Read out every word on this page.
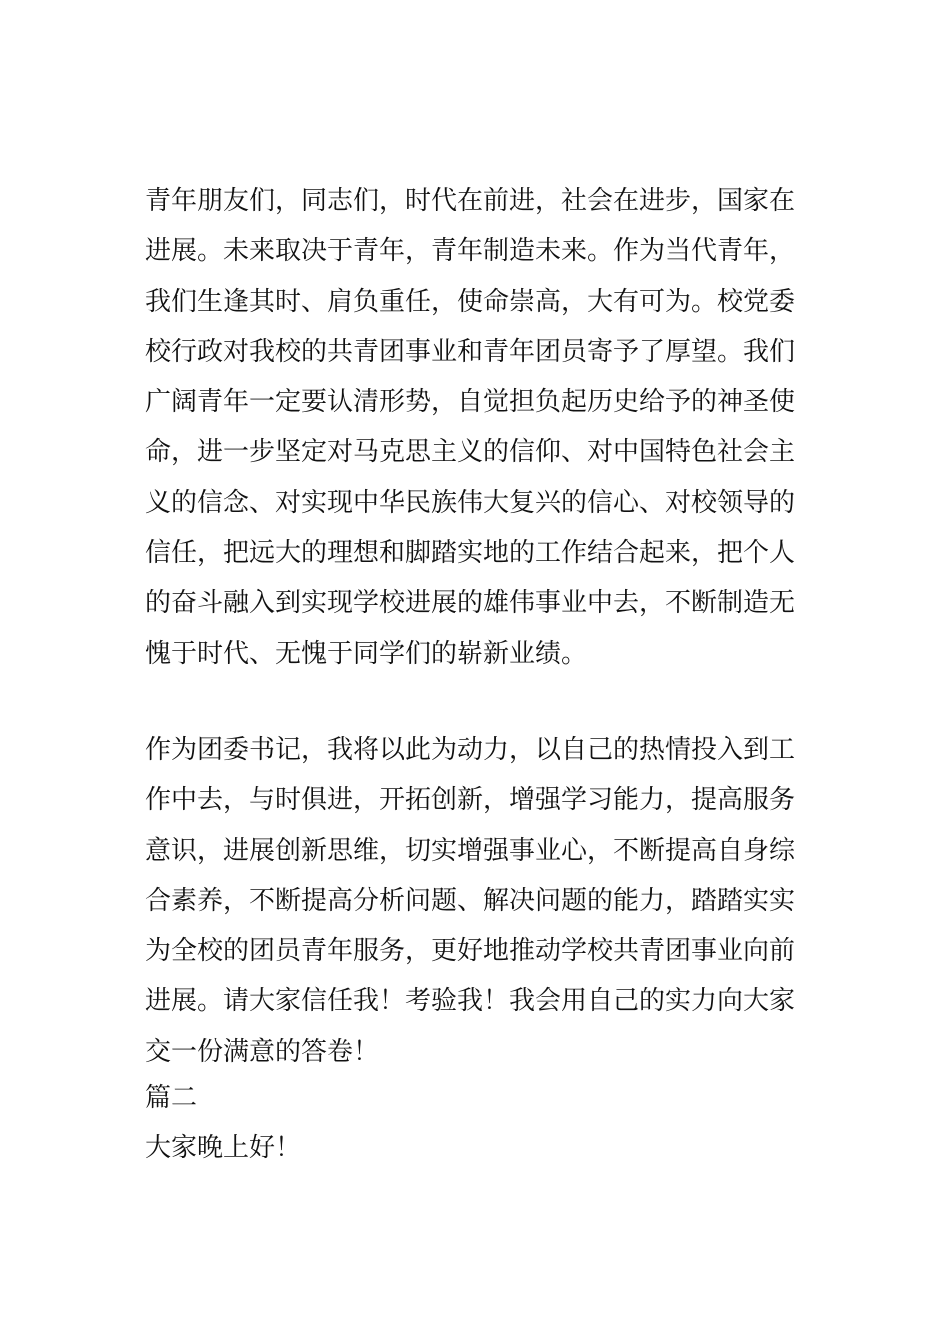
青年朋友们，同志们，时代在前进，社会在进步，国家在
进展。未来取决于青年，青年制造未来。作为当代青年，
我们生逢其时、肩负重任，使命崇高，大有可为。校党委
校行政对我校的共青团事业和青年团员寄予了厚望。我们
广阔青年一定要认清形势，自觉担负起历史给予的神圣使
命，进一步坚定对马克思主义的信仰、对中国特色社会主
义的信念、对实现中华民族伟大复兴的信心、对校领导的
信任，把远大的理想和脚踏实地的工作结合起来，把个人
的奋斗融入到实现学校进展的雄伟事业中去，不断制造无
愧于时代、无愧于同学们的崭新业绩。
作为团委书记，我将以此为动力，以自己的热情投入到工
作中去，与时俱进，开拓创新，增强学习能力，提高服务
意识，进展创新思维，切实增强事业心，不断提高自身综
合素养，不断提高分析问题、解决问题的能力，踏踏实实
为全校的团员青年服务，更好地推动学校共青团事业向前
进展。请大家信任我！考验我！我会用自己的实力向大家
交一份满意的答卷！
篇二
大家晚上好！
